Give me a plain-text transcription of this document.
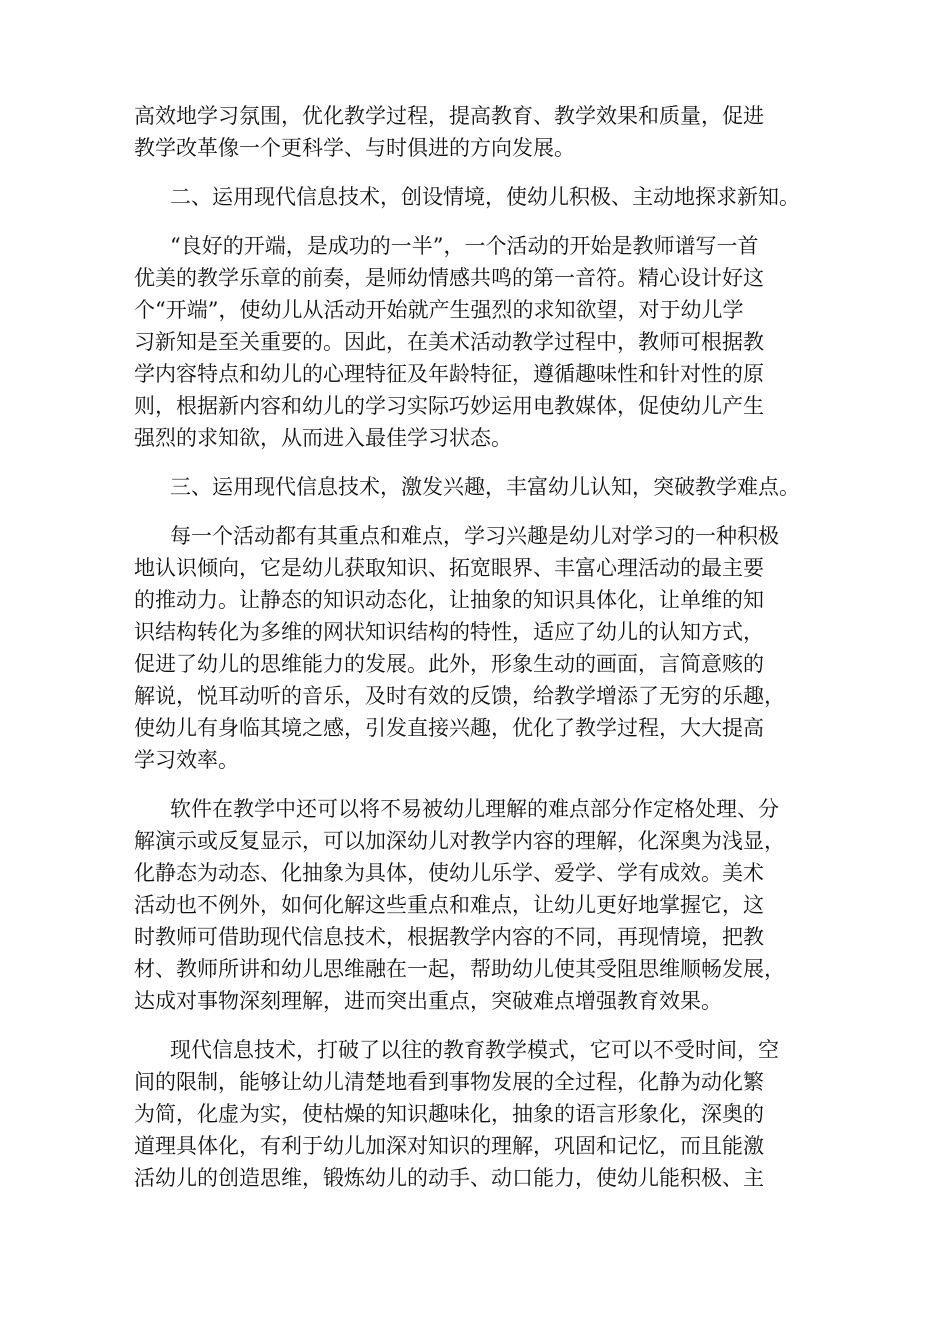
高效地学习氛围，优化教学过程，提高教育、教学效果和质量，促进
教学改革像一个更科学、与时俱进的方向发展。
二、运用现代信息技术，创设情境，使幼儿积极、主动地探求新知。
“良好的开端，是成功的一半”，一个活动的开始是教师谱写一首
优美的教学乐章的前奏，是师幼情感共鸣的第一音符。精心设计好这
个“开端”，使幼儿从活动开始就产生强烈的求知欲望，对于幼儿学
习新知是至关重要的。因此，在美术活动教学过程中，教师可根据教
学内容特点和幼儿的心理特征及年龄特征，遵循趣味性和针对性的原
则，根据新内容和幼儿的学习实际巧妙运用电教媒体，促使幼儿产生
强烈的求知欲，从而进入最佳学习状态。
三、运用现代信息技术，激发兴趣，丰富幼儿认知，突破教学难点。
每一个活动都有其重点和难点，学习兴趣是幼儿对学习的一种积极
地认识倾向，它是幼儿获取知识、拓宽眼界、丰富心理活动的最主要
的推动力。让静态的知识动态化，让抽象的知识具体化，让单维的知
识结构转化为多维的网状知识结构的特性，适应了幼儿的认知方式，
促进了幼儿的思维能力的发展。此外，形象生动的画面，言简意赅的
解说，悦耳动听的音乐，及时有效的反馈，给教学增添了无穷的乐趣，
使幼儿有身临其境之感，引发直接兴趣，优化了教学过程，大大提高
学习效率。
软件在教学中还可以将不易被幼儿理解的难点部分作定格处理、分
解演示或反复显示，可以加深幼儿对教学内容的理解，化深奥为浅显，
化静态为动态、化抽象为具体，使幼儿乐学、爱学、学有成效。美术
活动也不例外，如何化解这些重点和难点，让幼儿更好地掌握它，这
时教师可借助现代信息技术，根据教学内容的不同，再现情境，把教
材、教师所讲和幼儿思维融在一起，帮助幼儿使其受阻思维顺畅发展，
达成对事物深刻理解，进而突出重点，突破难点增强教育效果。
现代信息技术，打破了以往的教育教学模式，它可以不受时间，空
间的限制，能够让幼儿清楚地看到事物发展的全过程，化静为动化繁
为简，化虚为实，使枯燥的知识趣味化，抽象的语言形象化，深奥的
道理具体化，有利于幼儿加深对知识的理解，巩固和记忆，而且能激
活幼儿的创造思维，锻炼幼儿的动手、动口能力，使幼儿能积极、主
